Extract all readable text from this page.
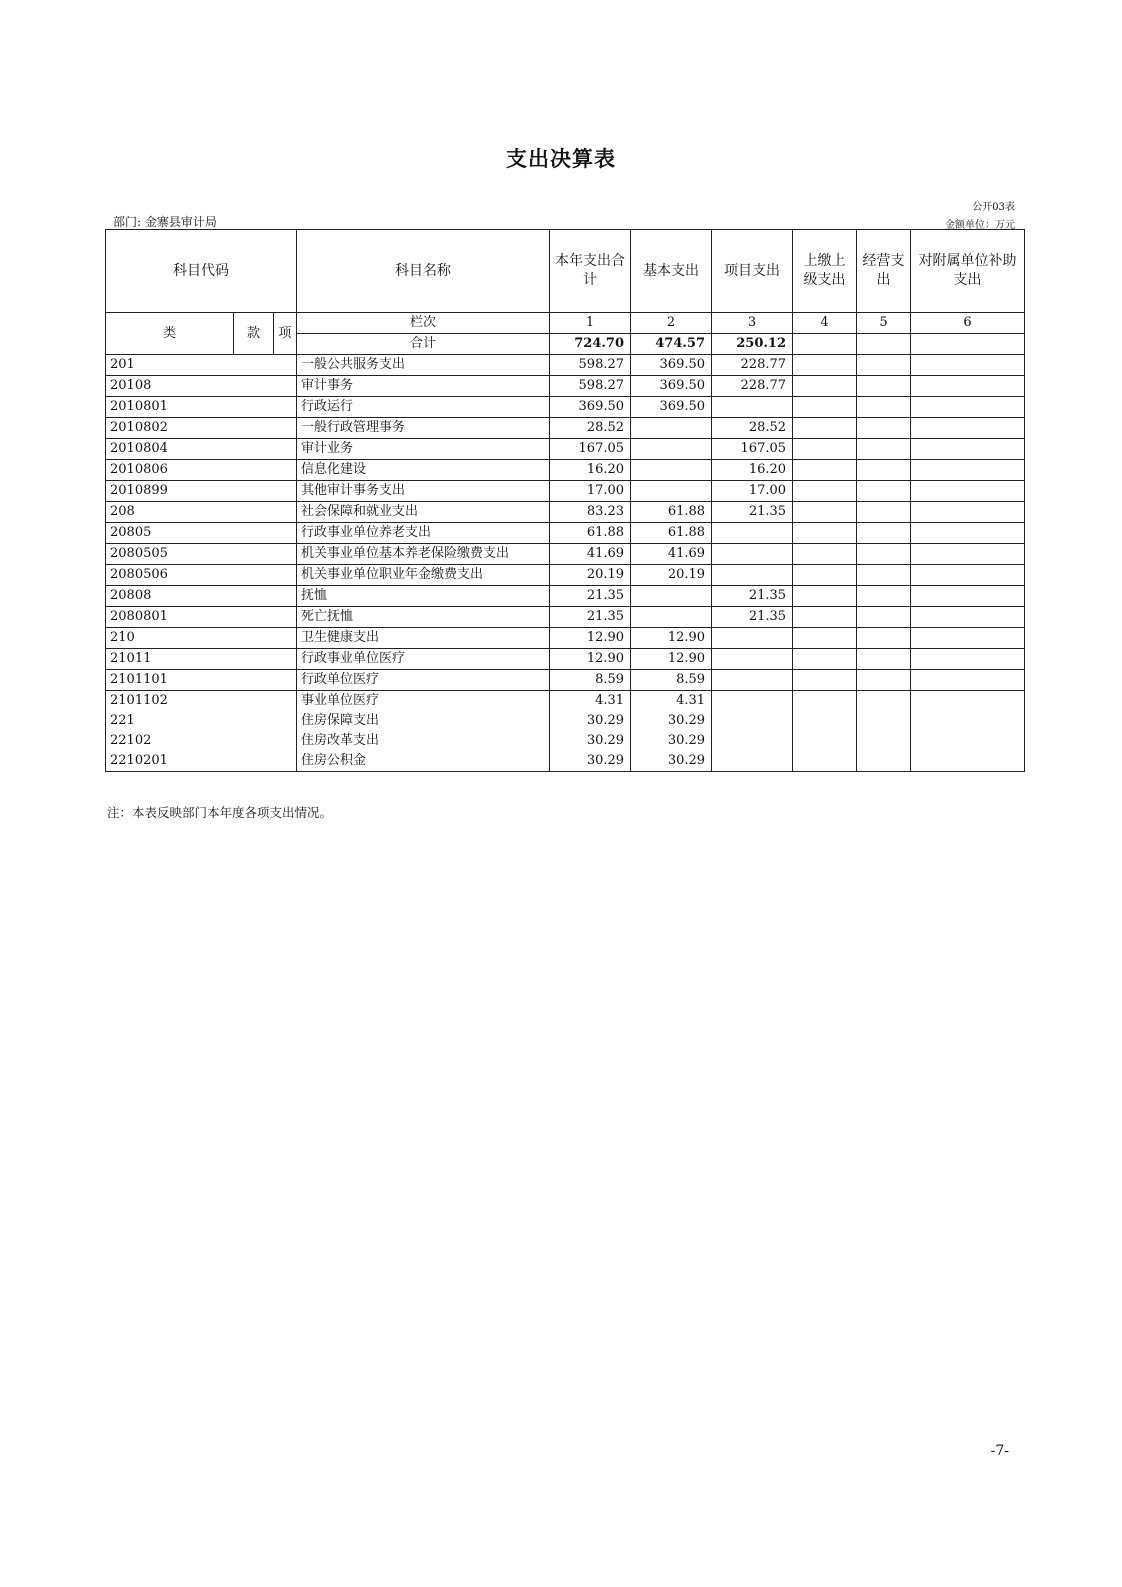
支出决算表
公开03表
部门: 金寨县审计局	金额单位：万元
科目代码			科目名称	本年支出合计	基本支出	项目支出	上缴上级支出	经营支出	对附属单位补助支出
类	款	项	栏次	1	2	3	4	5	6
			合计	724.70	474.57	250.12			
201			一般公共服务支出	598.27	369.50	228.77			
20108			审计事务	598.27	369.50	228.77			
2010801			行政运行	369.50	369.50				
2010802			一般行政管理事务	28.52		28.52			
2010804			审计业务	167.05		167.05			
2010806			信息化建设	16.20		16.20			
2010899			其他审计事务支出	17.00		17.00			
208			社会保障和就业支出	83.23	61.88	21.35			
20805			行政事业单位养老支出	61.88	61.88				
2080505			机关事业单位基本养老保险缴费支出	41.69	41.69				
2080506			机关事业单位职业年金缴费支出	20.19	20.19				
20808			抚恤	21.35		21.35			
2080801			死亡抚恤	21.35		21.35			
210			卫生健康支出	12.90	12.90				
21011			行政事业单位医疗	12.90	12.90				
2101101			行政单位医疗	8.59	8.59				
2101102			事业单位医疗	4.31	4.31				
221			住房保障支出	30.29	30.29				
22102			住房改革支出	30.29	30.29				
2210201			住房公积金	30.29	30.29				
注：本表反映部门本年度各项支出情况。
-7-
